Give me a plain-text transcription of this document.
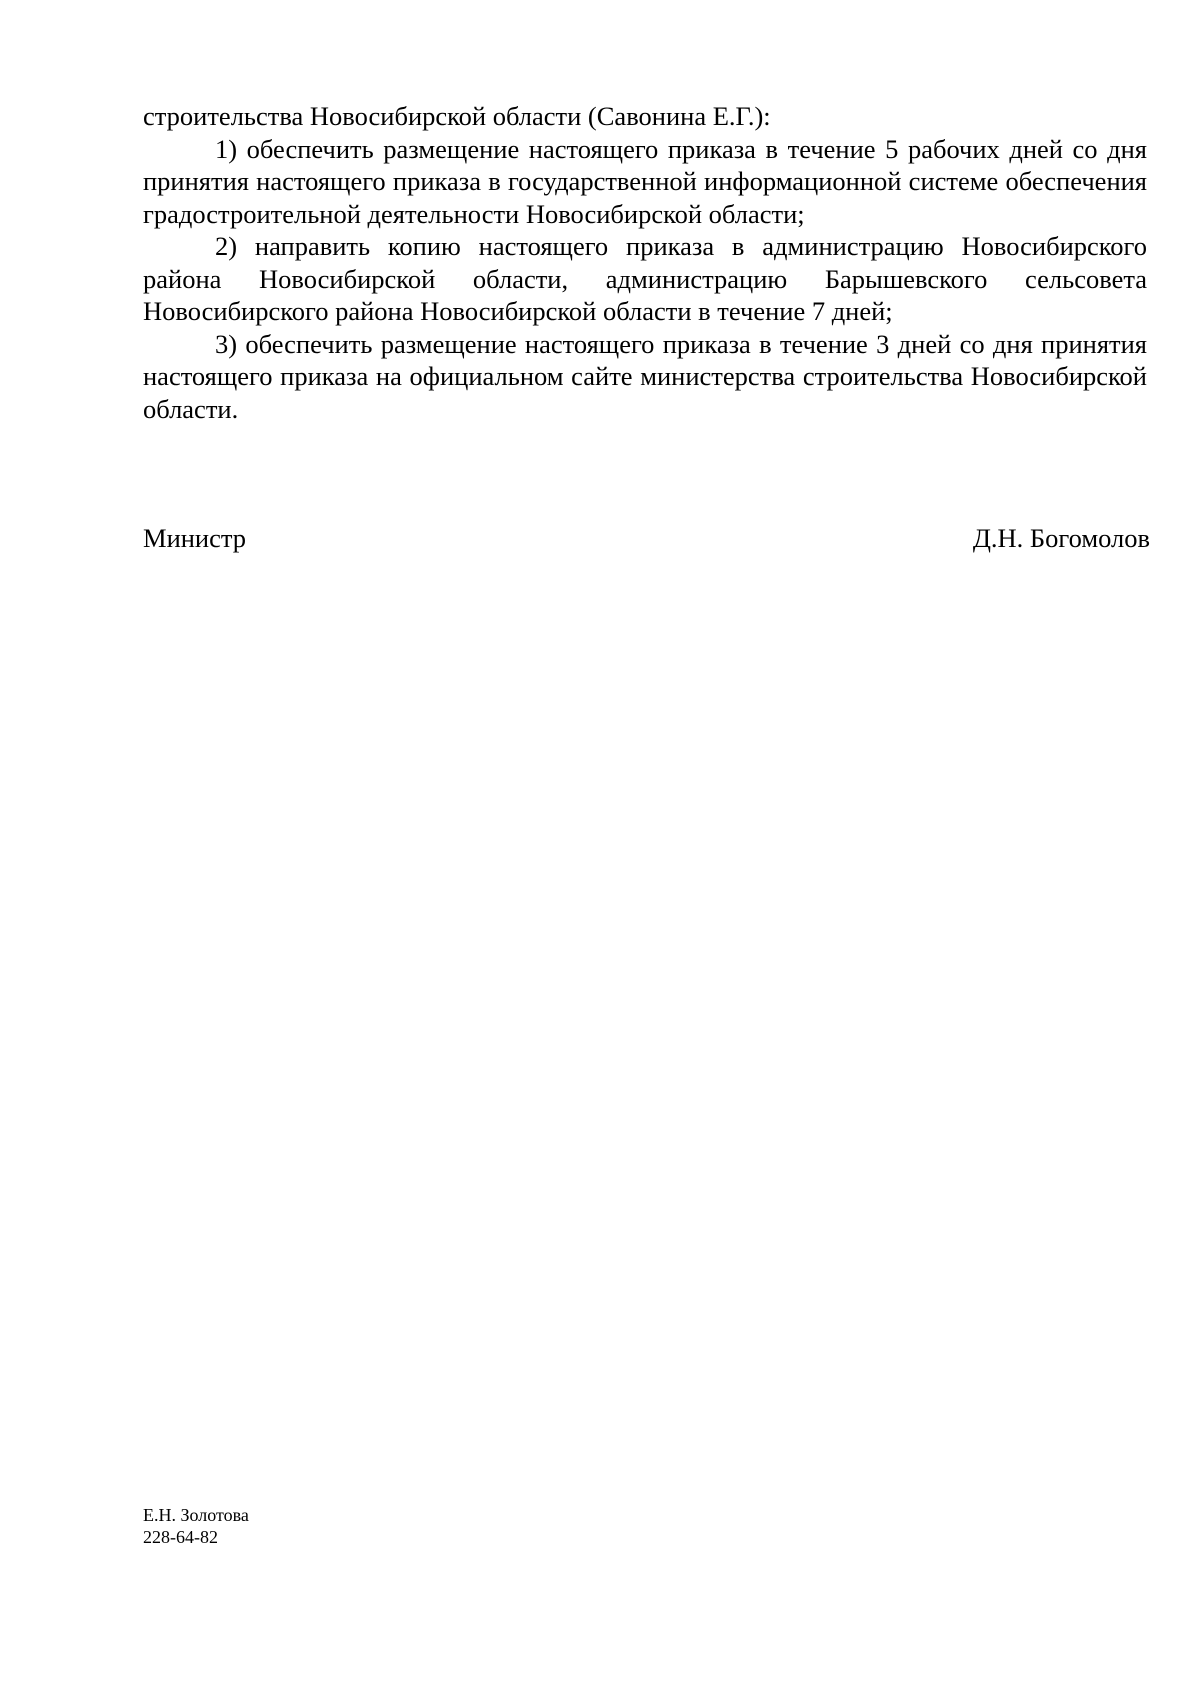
строительства Новосибирской области (Савонина Е.Г.):

1) обеспечить размещение настоящего приказа в течение 5 рабочих дней со дня принятия настоящего приказа в государственной информационной системе обеспечения градостроительной деятельности Новосибирской области;

2) направить копию настоящего приказа в администрацию Новосибирского района Новосибирской области, администрацию Барышевского сельсовета Новосибирского района Новосибирской области в течение 7 дней;

3) обеспечить размещение настоящего приказа в течение 3 дней со дня принятия настоящего приказа на официальном сайте министерства строительства Новосибирской области.

Министр	Д.Н. Богомолов
Е.Н. Золотова
228-64-82
